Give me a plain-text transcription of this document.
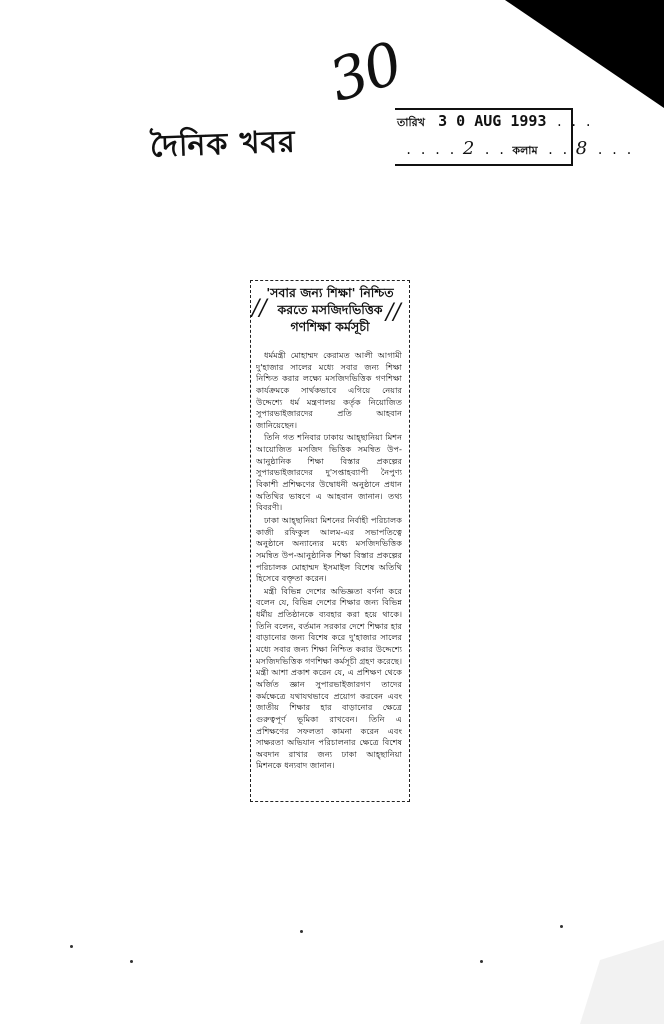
30
দৈনিক খবর
তারিখ 3 0 AUG 1993 . . .
. . . . 2 . . কলাম . . 8 . . .
//	//
'সবার জন্য শিক্ষা' নিশ্চিত
করতে মসজিদভিত্তিক
গণশিক্ষা কর্মসূচী

ধর্মমন্ত্রী মোহাম্মদ কেরামত আলী আগামী দু'হাজার সালের মধ্যে সবার জন্য শিক্ষা নিশ্চিত করার লক্ষ্যে মসজিদভিত্তিক গণশিক্ষা কার্যক্রমকে সার্থকভাবে এগিয়ে নেয়ার উদ্দেশ্যে ধর্ম মন্ত্রণালয় কর্তৃক নিয়োজিত সুপারভাইজারদের প্রতি আহবান জানিয়েছেন।

তিনি গত শনিবার ঢাকায় আহ্ছানিয়া মিশন আয়োজিত মসজিদ ভিত্তিক সমন্বিত উপ-আনুষ্ঠানিক শিক্ষা বিস্তার প্রকল্পের সুপারভাইজারদের দু'সপ্তাহব্যাপী নৈপুণ্য বিকাশী প্রশিক্ষণের উদ্বোধনী অনুষ্ঠানে প্রধান অতিথির ভাষণে এ আহবান জানান। তথ্য বিবরণী।

ঢাকা আহ্ছানিয়া মিশনের নির্বাহী পরিচালক কাজী রফিকুল আলম-এর সভাপতিত্বে অনুষ্ঠানে অন্যান্যের মধ্যে মসজিদভিত্তিক সমন্বিত উপ-আনুষ্ঠানিক শিক্ষা বিস্তার প্রকল্পের পরিচালক মোহাম্মদ ইসমাইল বিশেষ অতিথি হিসেবে বক্তৃতা করেন।

মন্ত্রী বিভিন্ন দেশের অভিজ্ঞতা বর্ণনা করে বলেন যে, বিভিন্ন দেশের শিক্ষার জন্য বিভিন্ন ধর্মীয় প্রতিষ্ঠানকে ব্যবহার করা হয়ে থাকে। তিনি বলেন, বর্তমান সরকার দেশে শিক্ষার হার বাড়ানোর জন্য বিশেষ করে দু'হাজার সালের মধ্যে সবার জন্য শিক্ষা নিশ্চিত করার উদ্দেশ্যে মসজিদভিত্তিক গণশিক্ষা কর্মসূচী গ্রহণ করেছে। মন্ত্রী আশা প্রকাশ করেন যে, এ প্রশিক্ষণ থেকে অর্জিত জ্ঞান সুপারভাইজারগণ তাদের কর্মক্ষেত্রে যথাযথভাবে প্রয়োগ করবেন এবং জাতীয় শিক্ষার হার বাড়ানোর ক্ষেত্রে গুরুত্বপূর্ণ ভূমিকা রাখবেন। তিনি এ প্রশিক্ষণের সফলতা কামনা করেন এবং সাক্ষরতা অভিযান পরিচালনার ক্ষেত্রে বিশেষ অবদান রাখার জন্য ঢাকা আহ্ছানিয়া মিশনকে ধন্যবাদ জানান।
